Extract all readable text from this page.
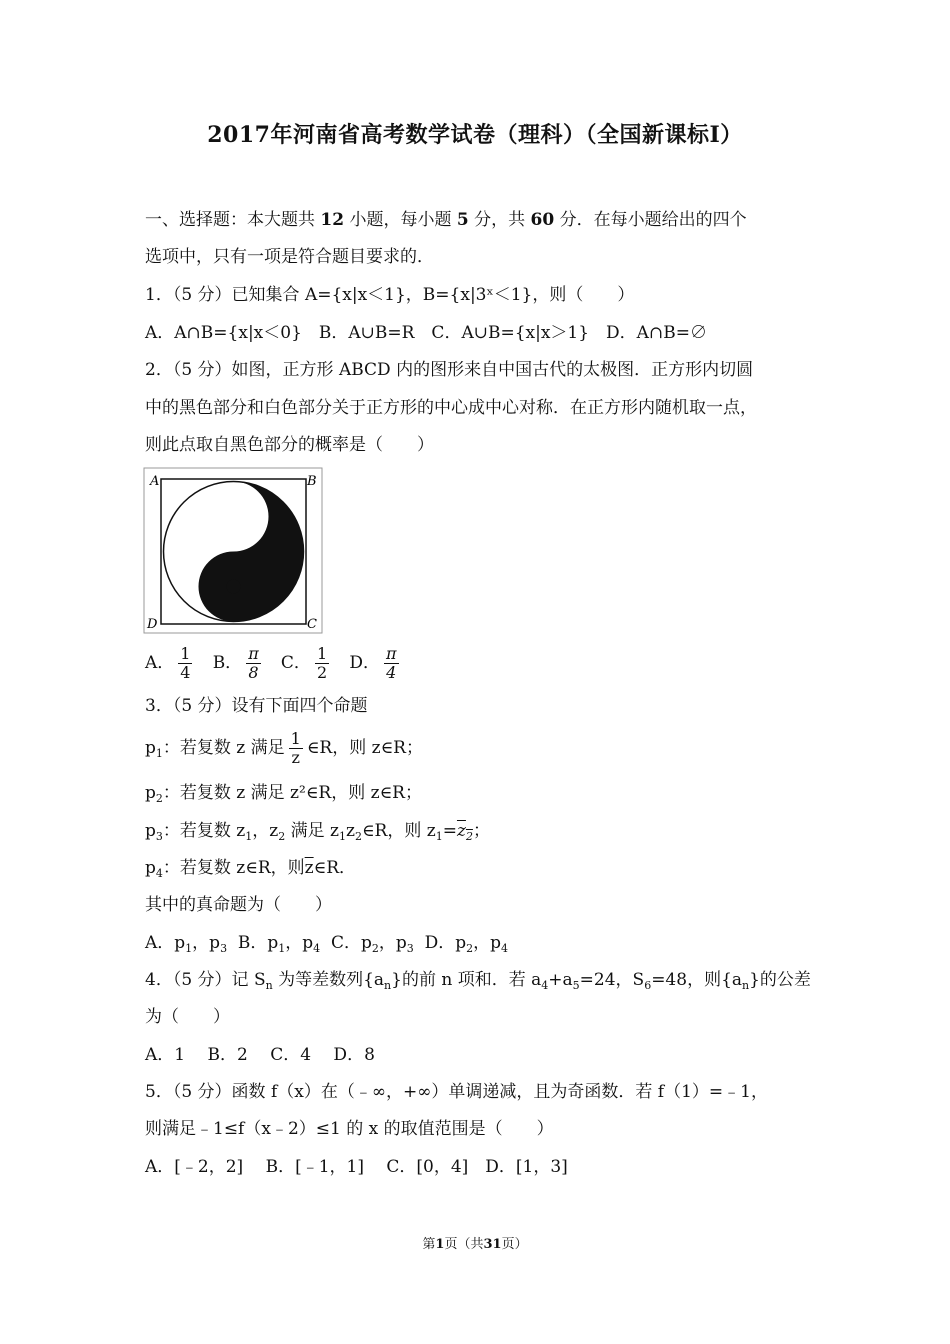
2017年河南省高考数学试卷（理科）（全国新课标Ⅰ）
一、选择题：本大题共 12 小题，每小题 5 分，共 60 分．在每小题给出的四个
选项中，只有一项是符合题目要求的．
1．（5 分）已知集合 A={x|x＜1}，B={x|3ˣ＜1}，则（　　）
A．A∩B={x|x＜0}　B．A∪B=R　C．A∪B={x|x＞1}　D．A∩B=∅
2．（5 分）如图，正方形 ABCD 内的图形来自中国古代的太极图．正方形内切圆
中的黑色部分和白色部分关于正方形的中心成中心对称．在正方形内随机取一点，
则此点取自黑色部分的概率是（　　）
A	B
C
D
A． $\frac{1}{4}$ B． $\frac{\pi}{8}$ C． $\frac{1}{2}$ D． $\frac{\pi}{4}$
3．（5 分）设有下面四个命题
$p_1$：若复数 z 满足 $\frac{1}{z}$ ∈R，则 z∈R；
$p_2$：若复数 z 满足 z²∈R，则 z∈R；
$p_3$：若复数 $z_1$，$z_2$ 满足 $z_1z_2\in R$，则 $z_1=z_2$；
$p_4$：若复数 z∈R，则$\overline{z}\in R$．
其中的真命题为（　　）
A．$p_1$，$p_3$ B．$p_1$，$p_4$ C．$p_2$，$p_3$ D．$p_2$，$p_4$
4．（5 分）记 $S_n$ 为等差数列$\{a_n\}$的前 n 项和．若 $a_4+a_5=24$，$S_6=48$，则$\{a_n\}$的公差
为（　　）
A．1　 B．2　 C．4　 D．8
5．（5 分）函数 f（x）在（﹣∞，+∞）单调递减，且为奇函数．若 f（1）=﹣1，
则满足﹣1≤f（x﹣2）≤1 的 x 的取值范围是（　　）
A．[﹣2，2]　 B．[﹣1，1]　 C．[0，4]　D．[1，3]
第1页（共31页）
